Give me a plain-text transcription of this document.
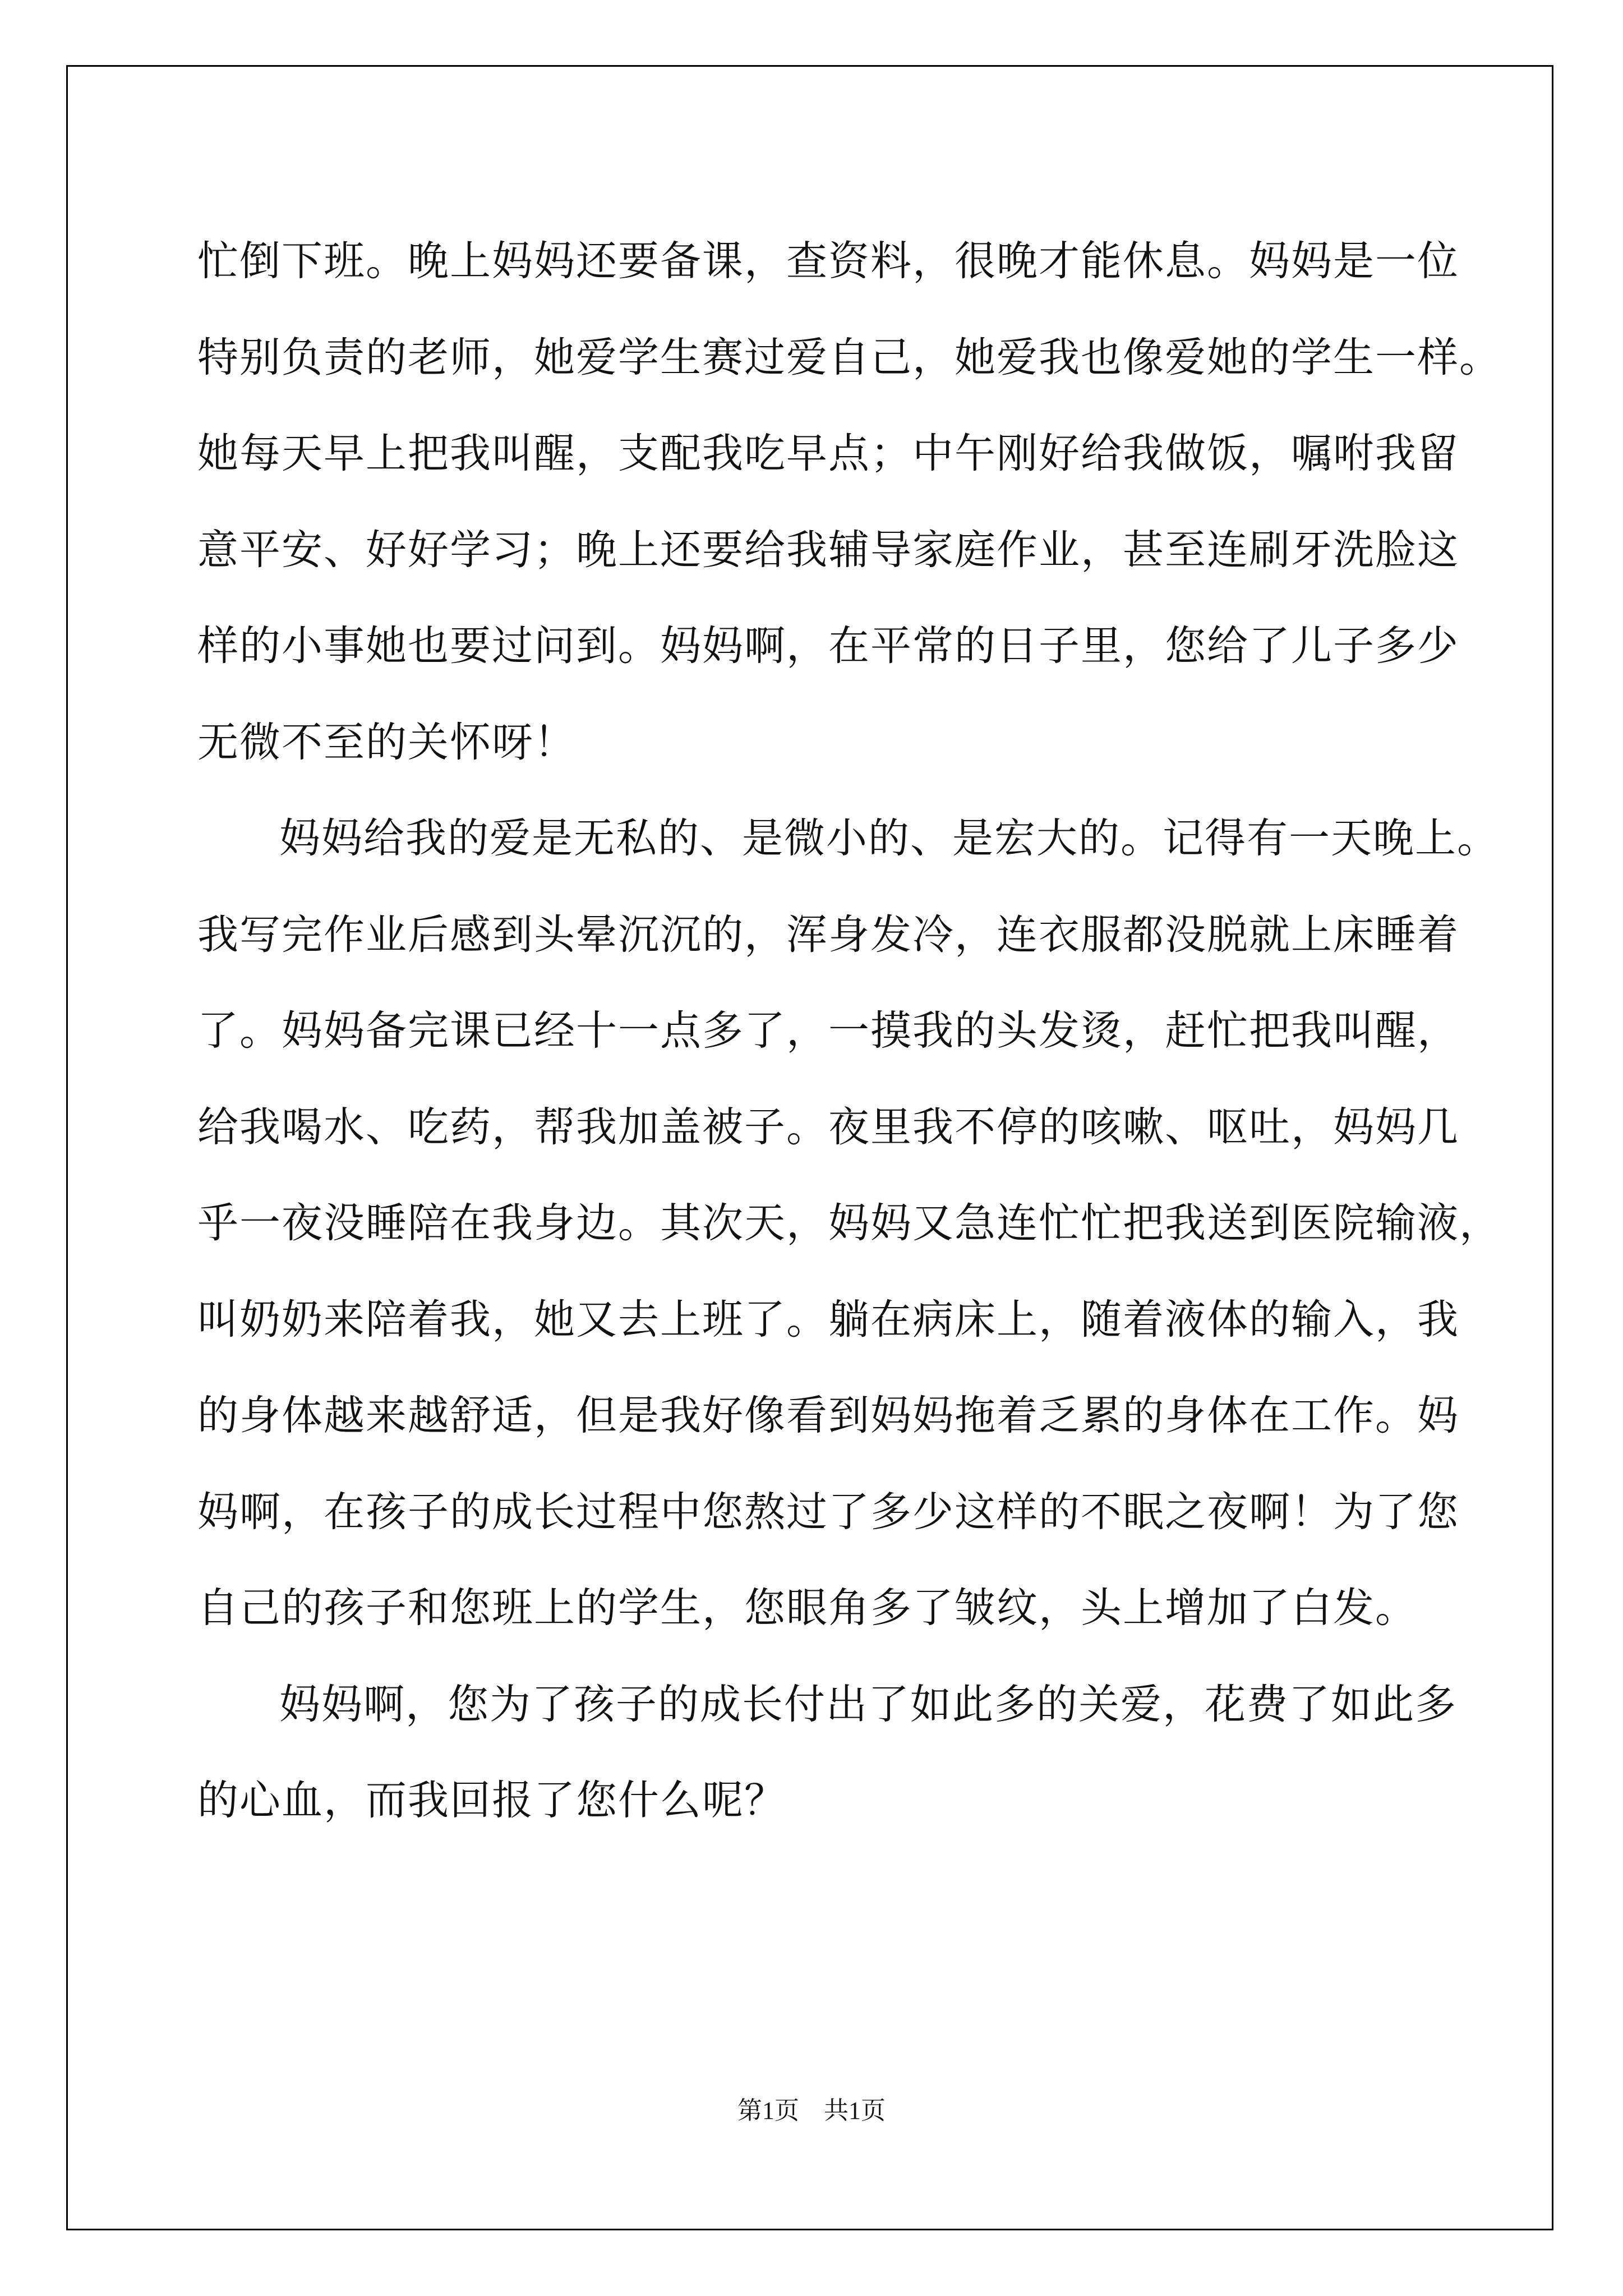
忙倒下班。晚上妈妈还要备课，查资料，很晚才能休息。妈妈是一位
特别负责的老师，她爱学生赛过爱自己，她爱我也像爱她的学生一样。
她每天早上把我叫醒，支配我吃早点；中午刚好给我做饭，嘱咐我留
意平安、好好学习；晚上还要给我辅导家庭作业，甚至连刷牙洗脸这
样的小事她也要过问到。妈妈啊，在平常的日子里，您给了儿子多少
无微不至的关怀呀！
妈妈给我的爱是无私的、是微小的、是宏大的。记得有一天晚上。
我写完作业后感到头晕沉沉的，浑身发冷，连衣服都没脱就上床睡着
了。妈妈备完课已经十一点多了，一摸我的头发烫，赶忙把我叫醒，
给我喝水、吃药，帮我加盖被子。夜里我不停的咳嗽、呕吐，妈妈几
乎一夜没睡陪在我身边。其次天，妈妈又急连忙忙把我送到医院输液，
叫奶奶来陪着我，她又去上班了。躺在病床上，随着液体的输入，我
的身体越来越舒适，但是我好像看到妈妈拖着乏累的身体在工作。妈
妈啊，在孩子的成长过程中您熬过了多少这样的不眠之夜啊！为了您
自己的孩子和您班上的学生，您眼角多了皱纹，头上增加了白发。
妈妈啊，您为了孩子的成长付出了如此多的关爱，花费了如此多
的心血，而我回报了您什么呢？
第1页　共1页
